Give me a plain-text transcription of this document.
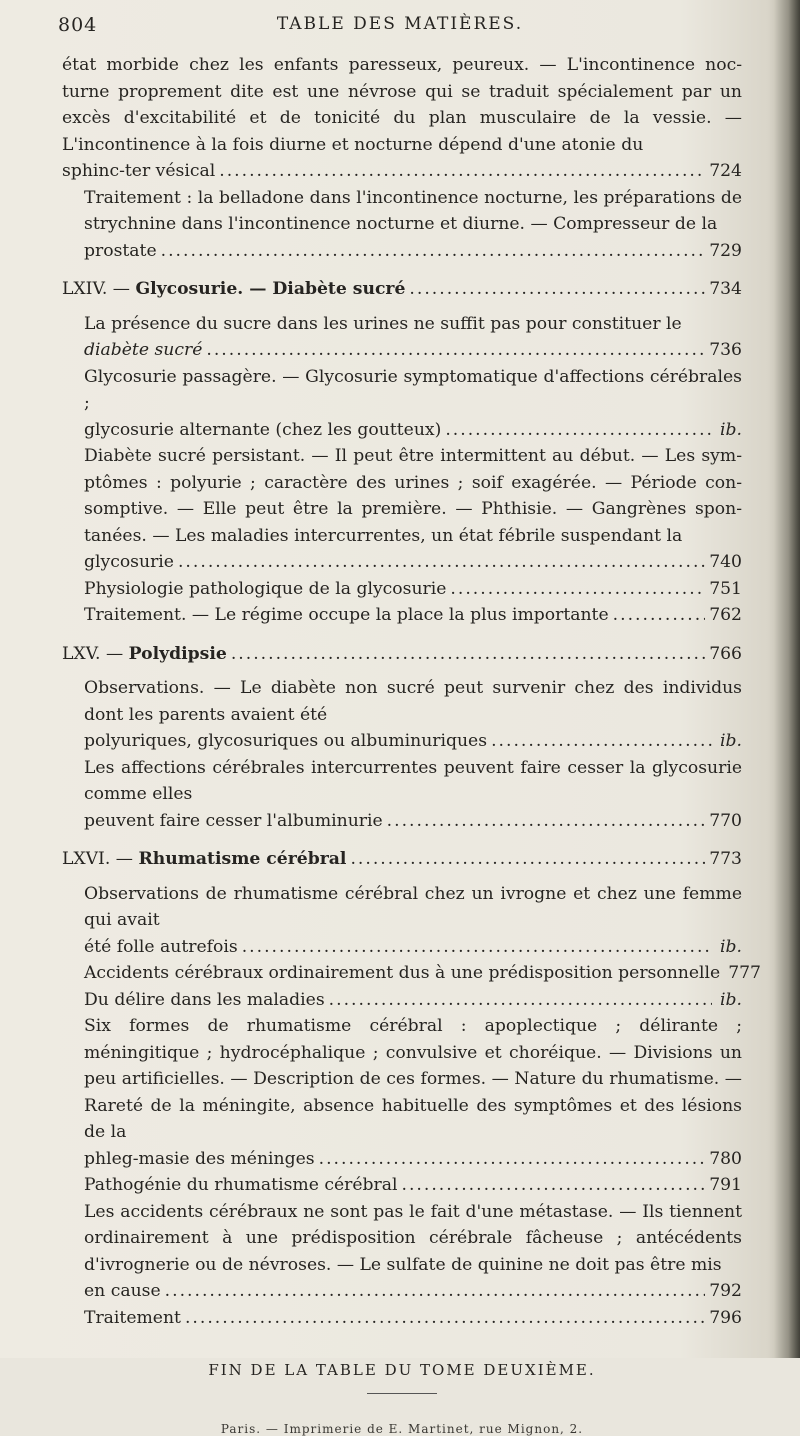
804	TABLE DES MATIÈRES.

état morbide chez les enfants paresseux, peureux. — L'incontinence noc-turne proprement dite est une névrose qui se traduit spécialement par un excès d'excitabilité et de tonicité du plan musculaire de la vessie. — L'incontinence à la fois diurne et nocturne dépend d'une atonie du

sphinc-ter vésical .....	724

Traitement : la belladone dans l'incontinence nocturne, les préparations de strychnine dans l'incontinence nocturne et diurne. — Compresseur de la

prostate .....	729
LXIV. — Glycosurie. — Diabète sucré .....	734

La présence du sucre dans les urines ne suffit pas pour constituer le

diabète sucré .....	736

Glycosurie passagère. — Glycosurie symptomatique d'affections cérébrales ;

glycosurie alternante (chez les goutteux) .....	ib.

Diabète sucré persistant. — Il peut être intermittent au début. — Les sym-ptômes : polyurie ; caractère des urines ; soif exagérée. — Période con-somptive. — Elle peut être la première. — Phthisie. — Gangrènes spon-tanées. — Les maladies intercurrentes, un état fébrile suspendant la

glycosurie .....	740
Physiologie pathologique de la glycosurie .....	751
Traitement. — Le régime occupe la place la plus importante .....	762
LXV. — Polydipsie .....	766

Observations. — Le diabète non sucré peut survenir chez des individus dont les parents avaient été

polyuriques, glycosuriques ou albuminuriques .....	ib.

Les affections cérébrales intercurrentes peuvent faire cesser la glycosurie comme elles

peuvent faire cesser l'albuminurie .....	770
LXVI. — Rhumatisme cérébral .....	773

Observations de rhumatisme cérébral chez un ivrogne et chez une femme qui avait

été folle autrefois .....	ib.
Accidents cérébraux ordinairement dus à une prédisposition personnelle 777
Du délire dans les maladies .....	ib.

Six formes de rhumatisme cérébral : apoplectique ; délirante ; méningitique ; hydrocéphalique ; convulsive et choréique. — Divisions un peu artificielles. — Description de ces formes. — Nature du rhumatisme. — Rareté de la méningite, absence habituelle des symptômes et des lésions de la

phleg-masie des méninges .....	780
Pathogénie du rhumatisme cérébral .....	791

Les accidents cérébraux ne sont pas le fait d'une métastase. — Ils tiennent ordinairement à une prédisposition cérébrale fâcheuse ; antécédents d'ivrognerie ou de névroses. — Le sulfate de quinine ne doit pas être mis

en cause .....	792
Traitement .....	796
FIN DE LA TABLE DU TOME DEUXIÈME.
Paris. — Imprimerie de E. Martinet, rue Mignon, 2.
